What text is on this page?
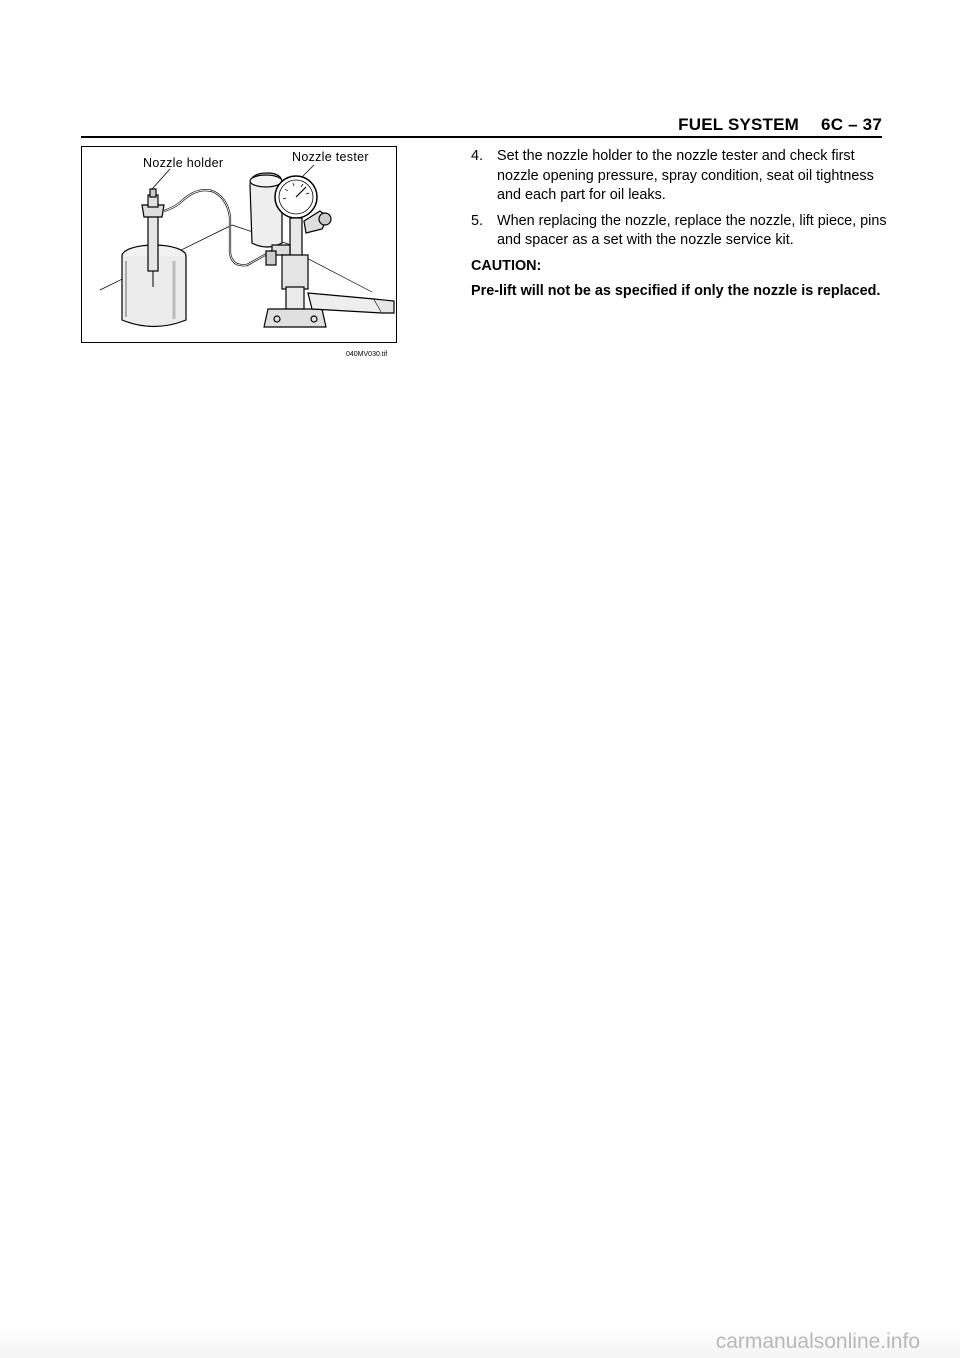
FUEL SYSTEM 6C – 37
Nozzle holder	Nozzle tester
040MV030.tif
4. Set the nozzle holder to the nozzle tester and check first nozzle opening pressure, spray condition, seat oil tightness and each part for oil leaks.
5. When replacing the nozzle, replace the nozzle, lift piece, pins and spacer as a set with the nozzle service kit.
CAUTION:
Pre-lift will not be as specified if only the nozzle is replaced.
carmanualsonline.info
